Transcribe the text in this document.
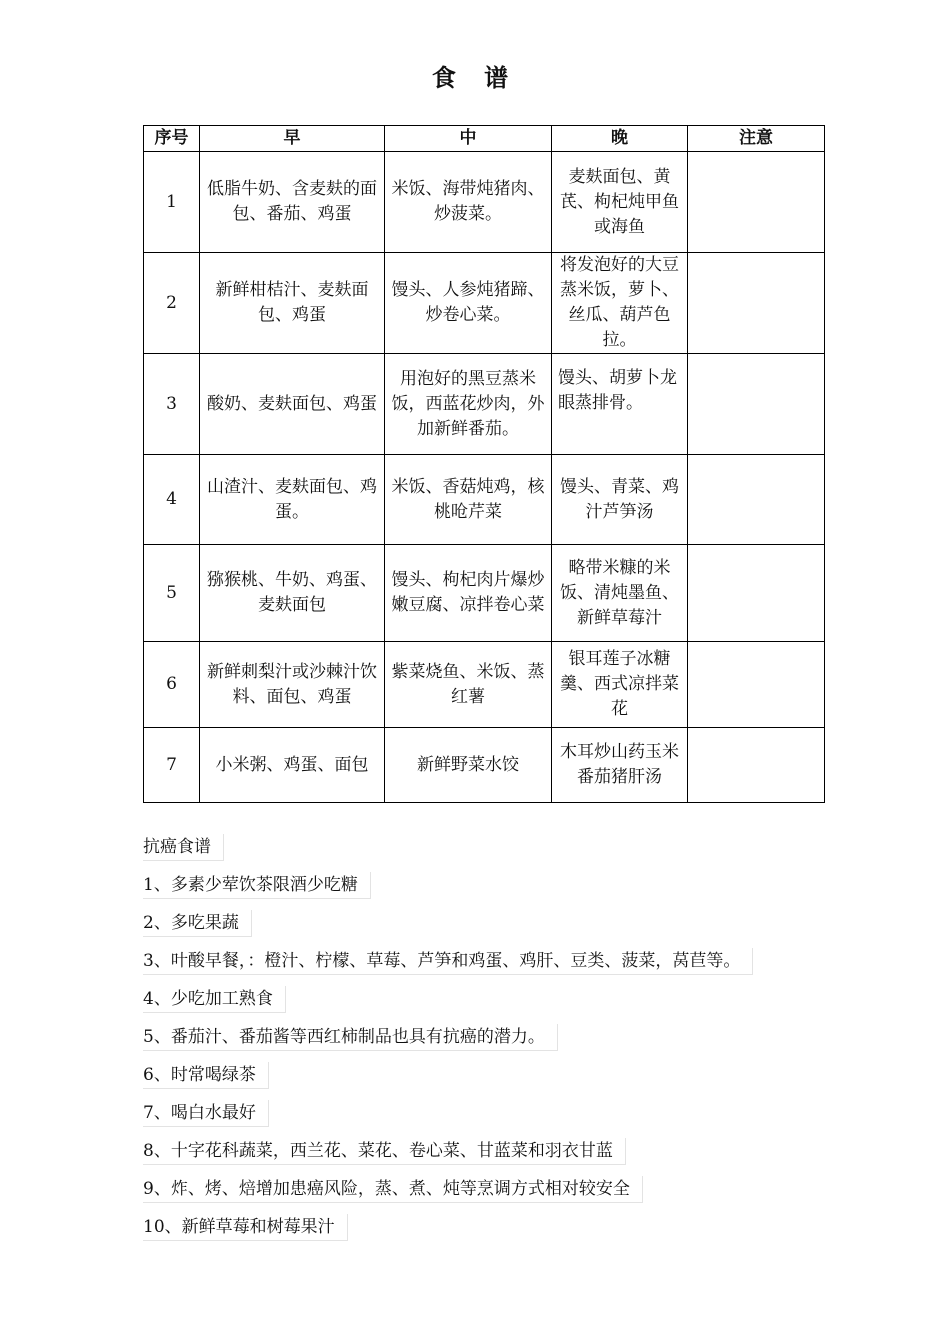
食 谱
序号	早	中	晚	注意
1	低脂牛奶、含麦麸的面包、番茄、鸡蛋	米饭、海带炖猪肉、炒菠菜。	麦麸面包、黄芪、枸杞炖甲鱼或海鱼	
2	新鲜柑桔汁、麦麸面包、鸡蛋	馒头、人参炖猪蹄、炒卷心菜。	将发泡好的大豆蒸米饭，萝卜、丝瓜、葫芦色拉。	
3	酸奶、麦麸面包、鸡蛋	用泡好的黑豆蒸米饭，西蓝花炒肉，外加新鲜番茄。	馒头、胡萝卜龙眼蒸排骨。	
4	山渣汁、麦麸面包、鸡蛋。	米饭、香菇炖鸡，核桃呛芹菜	馒头、青菜、鸡汁芦笋汤	
5	猕猴桃、牛奶、鸡蛋、麦麸面包	馒头、枸杞肉片爆炒嫩豆腐、凉拌卷心菜	略带米糠的米饭、清炖墨鱼、新鲜草莓汁	
6	新鲜刺梨汁或沙棘汁饮料、面包、鸡蛋	紫菜烧鱼、米饭、蒸红薯	银耳莲子冰糖羹、西式凉拌菜花	
7	小米粥、鸡蛋、面包	新鲜野菜水饺	木耳炒山药玉米番茄猪肝汤	
抗癌食谱
1、多素少荤饮茶限酒少吃糖
2、多吃果蔬
3、叶酸早餐，：橙汁、柠檬、草莓、芦笋和鸡蛋、鸡肝、豆类、菠菜，莴苣等。
4、少吃加工熟食
5、番茄汁、番茄酱等西红柿制品也具有抗癌的潜力。
6、时常喝绿茶
7、喝白水最好
8、十字花科蔬菜，西兰花、菜花、卷心菜、甘蓝菜和羽衣甘蓝
9、炸、烤、焙增加患癌风险，蒸、煮、炖等烹调方式相对较安全
10、新鲜草莓和树莓果汁
